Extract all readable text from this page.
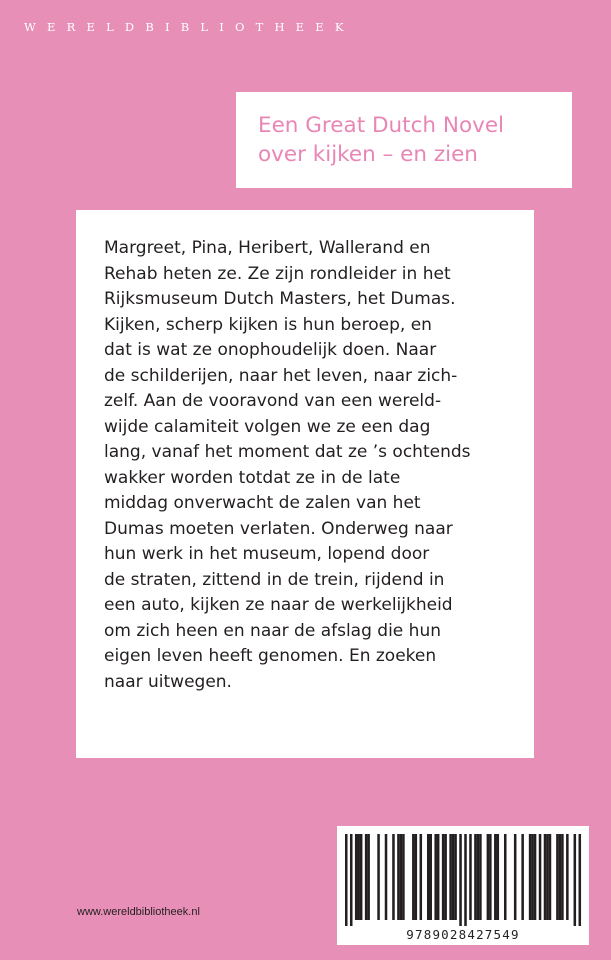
WERELDBIBLIOTHEEK
Een Great Dutch Novel
over kijken – en zien
Margreet, Pina, Heribert, Wallerand en
Rehab heten ze. Ze zijn rondleider in het
Rijksmuseum Dutch Masters, het Dumas.
Kijken, scherp kijken is hun beroep, en
dat is wat ze onophoudelijk doen. Naar
de schilderijen, naar het leven, naar zich-
zelf. Aan de vooravond van een wereld-
wijde calamiteit volgen we ze een dag
lang, vanaf het moment dat ze ’s ochtends
wakker worden totdat ze in de late
middag onverwacht de zalen van het
Dumas moeten verlaten. Onderweg naar
hun werk in het museum, lopend door
de straten, zittend in de trein, rijdend in
een auto, kijken ze naar de werkelijkheid
om zich heen en naar de afslag die hun
eigen leven heeft genomen. En zoeken
naar uitwegen.
www.wereldbibliotheek.nl
9789028427549
